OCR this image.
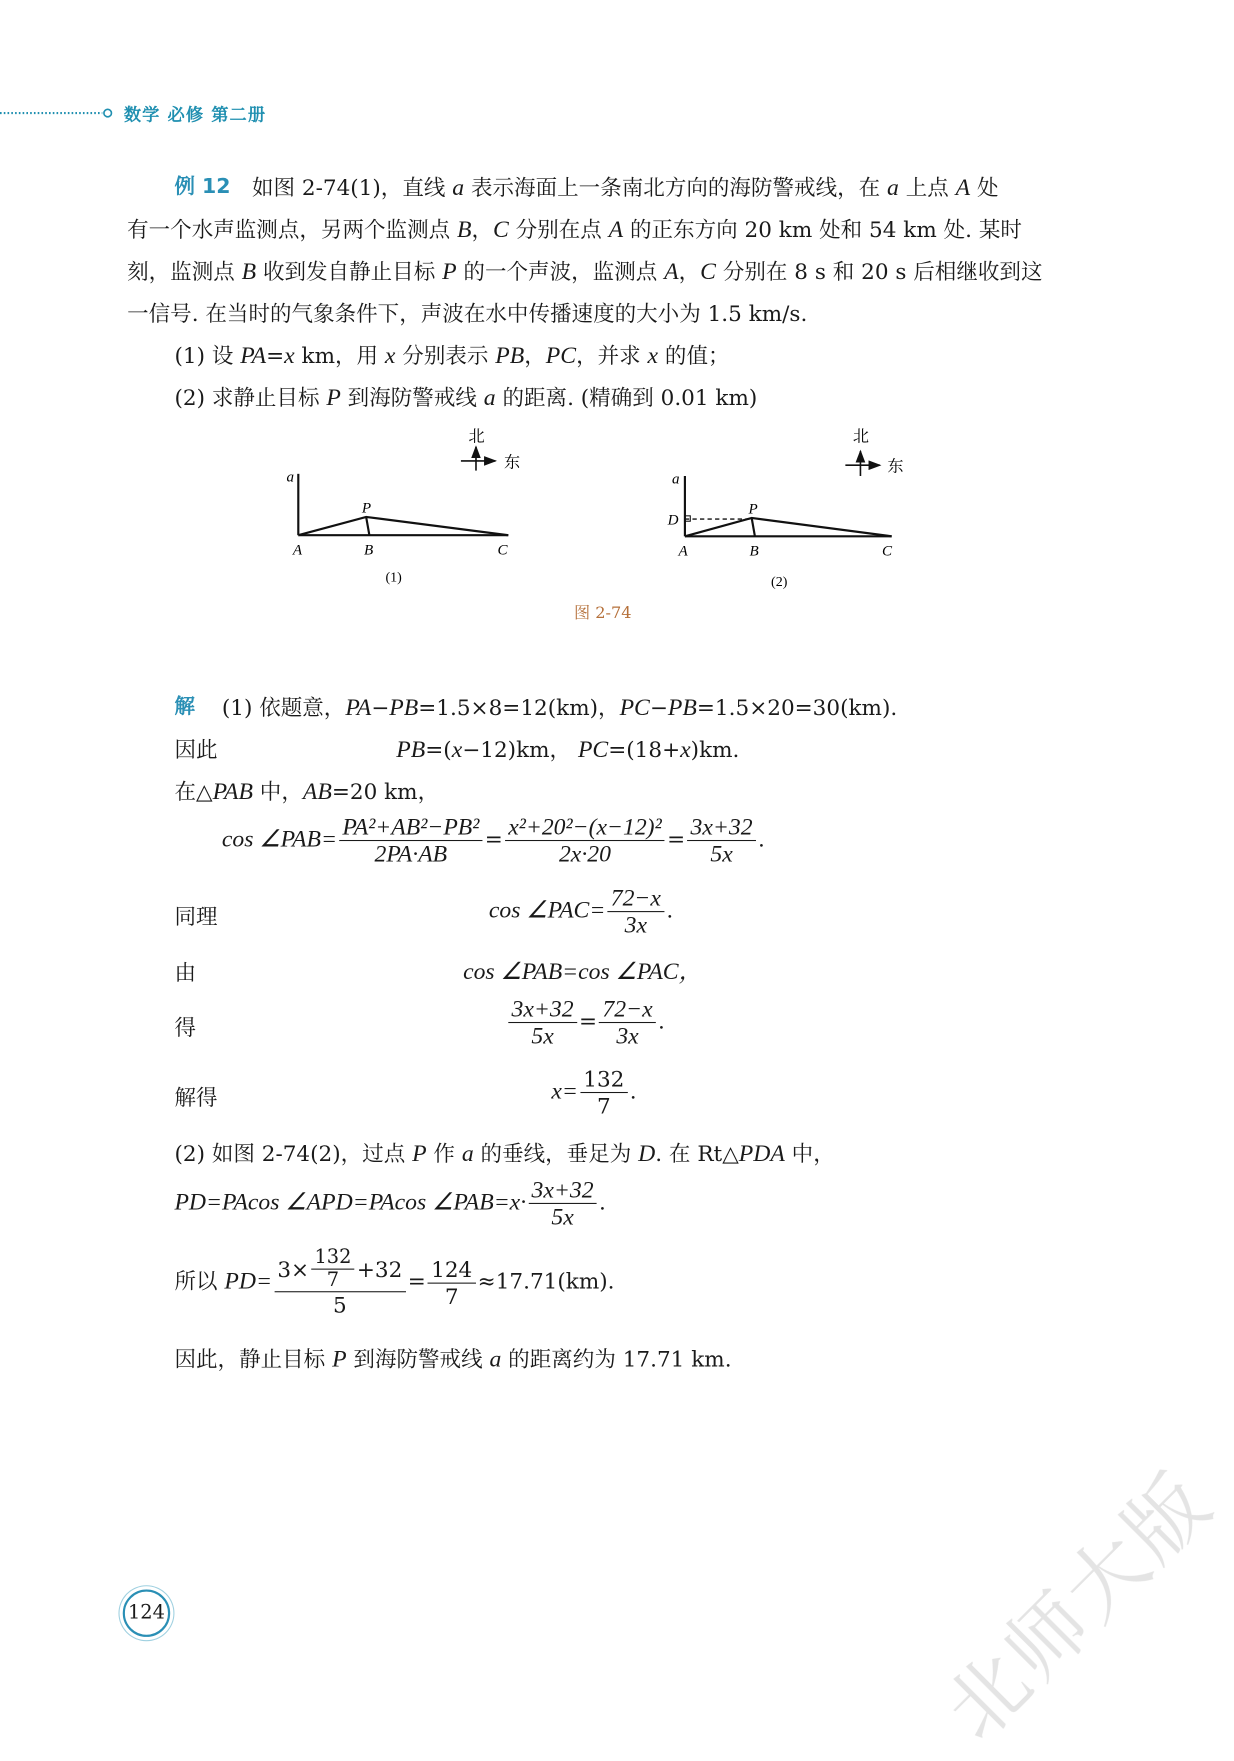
数学 必修 第二册
例 12 如图 2-74(1)，直线 a 表示海面上一条南北方向的海防警戒线，在 a 上点 A 处
有一个水声监测点，另两个监测点 B，C 分别在点 A 的正东方向 20 km 处和 54 km 处. 某时
刻，监测点 B 收到发自静止目标 P 的一个声波，监测点 A，C 分别在 8 s 和 20 s 后相继收到这
一信号. 在当时的气象条件下，声波在水中传播速度的大小为 1.5 km/s.
(1) 设 PA=x km，用 x 分别表示 PB，PC，并求 x 的值；
(2) 求静止目标 P 到海防警戒线 a 的距离. (精确到 0.01 km)
北
东
a
P
A	B	C
(1)
北
东
a
D
P
A	B	C
(2)
图 2-74
解 (1) 依题意，PA−PB=1.5×8=12(km)，PC−PB=1.5×20=30(km).
因此	PB=(x−12)km， PC=(18+x)km.
在△PAB 中，AB=20 km，
cos ∠PAB= $\frac{\text{PA²+AB²−PB²}}{2PA\cdot AB} = \frac{\text{x²+20²−(x−12)²}}{2x\cdot 20} = \frac{3x+32}{5x}$ .
同理	cos ∠PAC= $\frac{72-x}{3x}$ .
由	cos ∠PAB=cos ∠PAC，
得	$\frac{3x+32}{5x} = \frac{72-x}{3x}$ .
解得	$x= \frac{132}{7}$ .
(2) 如图 2-74(2)，过点 P 作 a 的垂线，垂足为 D. 在 Rt△PDA 中，
PD=PAcos ∠APD=PAcos ∠PAB=x· $\frac{3x+32}{5x}$ .
所以 $PD= \frac{3\times \frac{132}{7} +32}{5} = \frac{124}{7} \approx 17.71(km)$.
因此，静止目标 P 到海防警戒线 a 的距离约为 17.71 km.
124	北师大版
